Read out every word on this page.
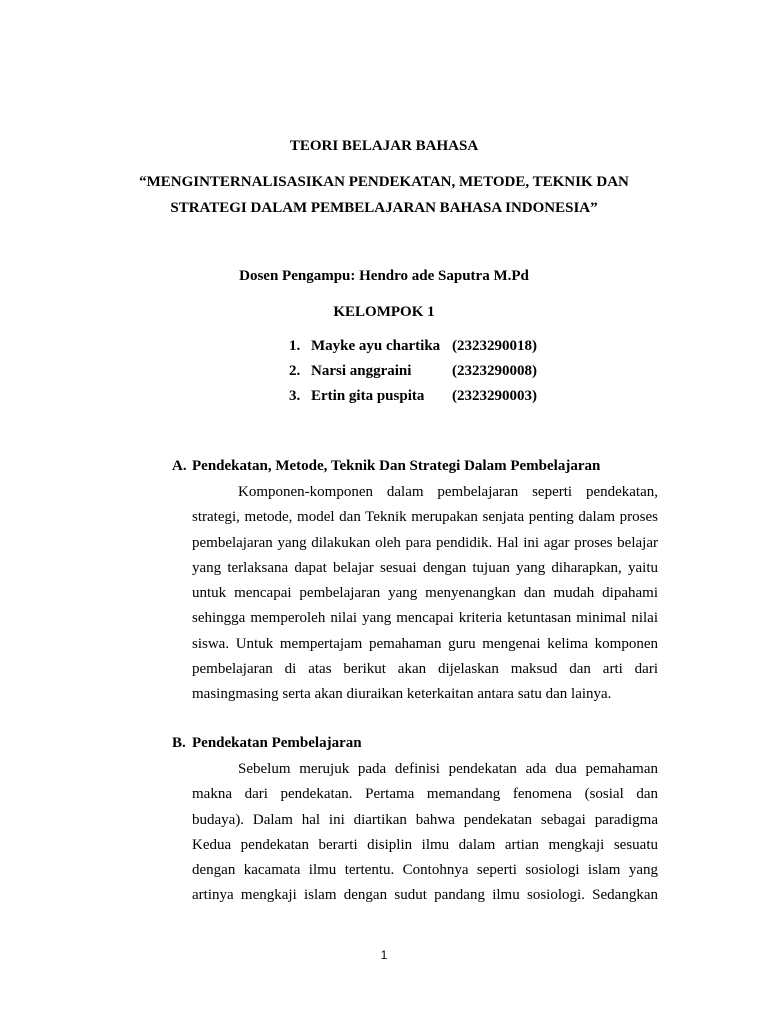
TEORI BELAJAR BAHASA
“MENGINTERNALISASIKAN PENDEKATAN, METODE, TEKNIK DAN
STRATEGI DALAM PEMBELAJARAN BAHASA INDONESIA”
Dosen Pengampu: Hendro ade Saputra M.Pd
KELOMPOK 1
1. Mayke ayu chartika (2323290018)
2. Narsi anggraini	(2323290008)
3. Ertin gita puspita (2323290003)
A. Pendekatan, Metode, Teknik Dan Strategi Dalam Pembelajaran
Komponen-komponen dalam pembelajaran seperti pendekatan,
strategi, metode, model dan Teknik merupakan senjata penting dalam proses
pembelajaran yang dilakukan oleh para pendidik. Hal ini agar proses belajar
yang terlaksana dapat belajar sesuai dengan tujuan yang diharapkan, yaitu
untuk mencapai pembelajaran yang menyenangkan dan mudah dipahami
sehingga memperoleh nilai yang mencapai kriteria ketuntasan minimal nilai
siswa. Untuk mempertajam pemahaman guru mengenai kelima komponen
pembelajaran di atas berikut akan dijelaskan maksud dan arti dari
masingmasing serta akan diuraikan keterkaitan antara satu dan lainya.
B. Pendekatan Pembelajaran
Sebelum merujuk pada definisi pendekatan ada dua pemahaman
makna dari pendekatan. Pertama memandang fenomena (sosial dan
budaya). Dalam hal ini diartikan bahwa pendekatan sebagai paradigma
Kedua pendekatan berarti disiplin ilmu dalam artian mengkaji sesuatu
dengan kacamata ilmu tertentu. Contohnya seperti sosiologi islam yang
artinya mengkaji islam dengan sudut pandang ilmu sosiologi. Sedangkan
1
